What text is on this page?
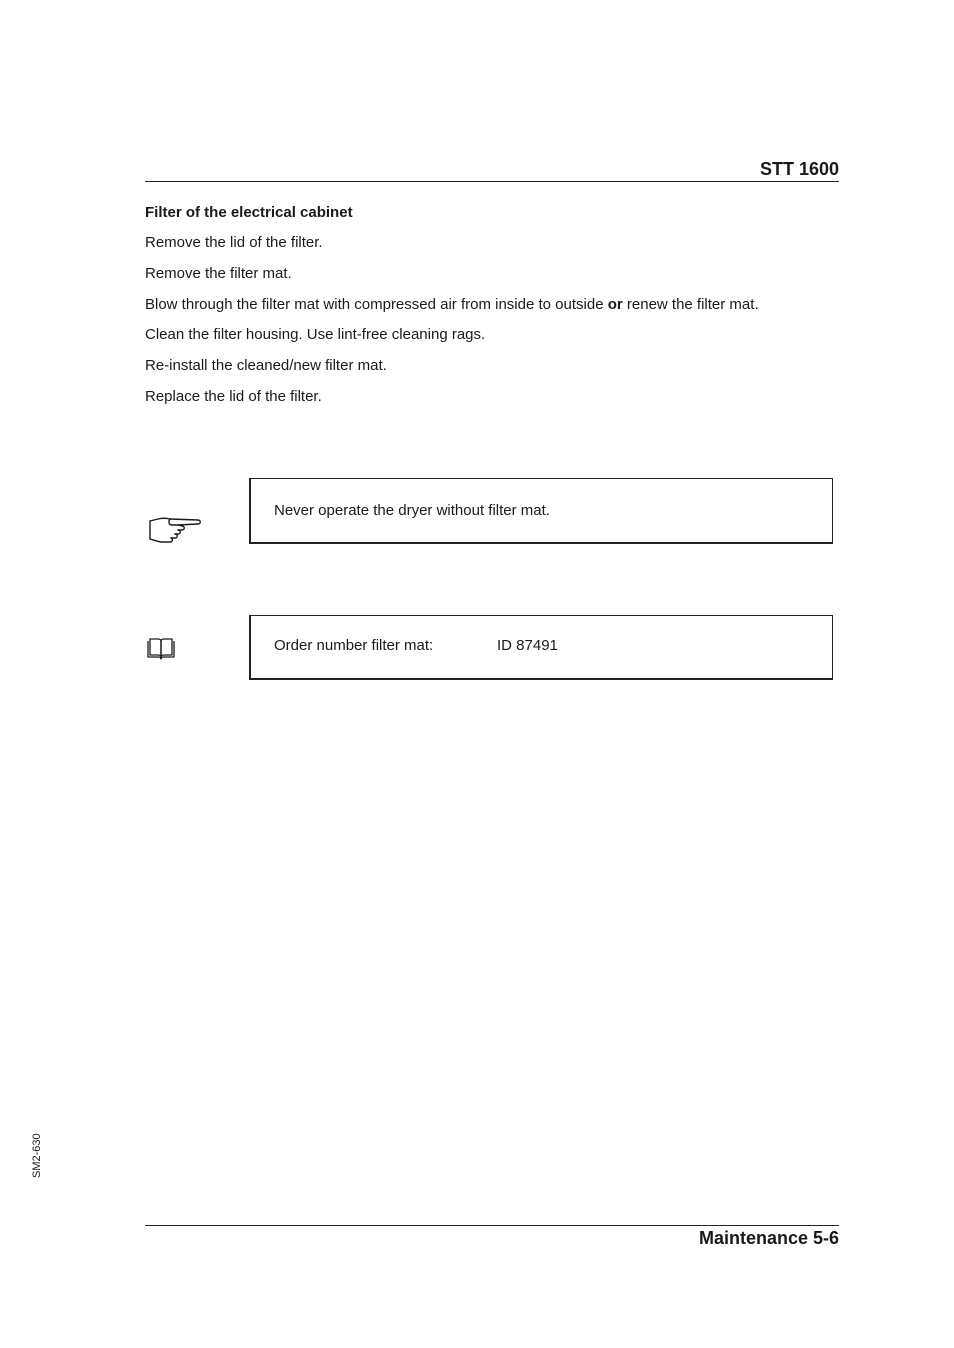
STT 1600
Filter of the electrical cabinet
Remove the lid of the filter.
Remove the filter mat.
Blow through the filter mat with compressed air from inside to outside or renew the filter mat.
Clean the filter housing. Use lint-free cleaning rags.
Re-install the cleaned/new filter mat.
Replace the lid of the filter.
Never operate the dryer without filter mat.
Order number filter mat:	ID 87491
SM2-630
Maintenance 5-6
